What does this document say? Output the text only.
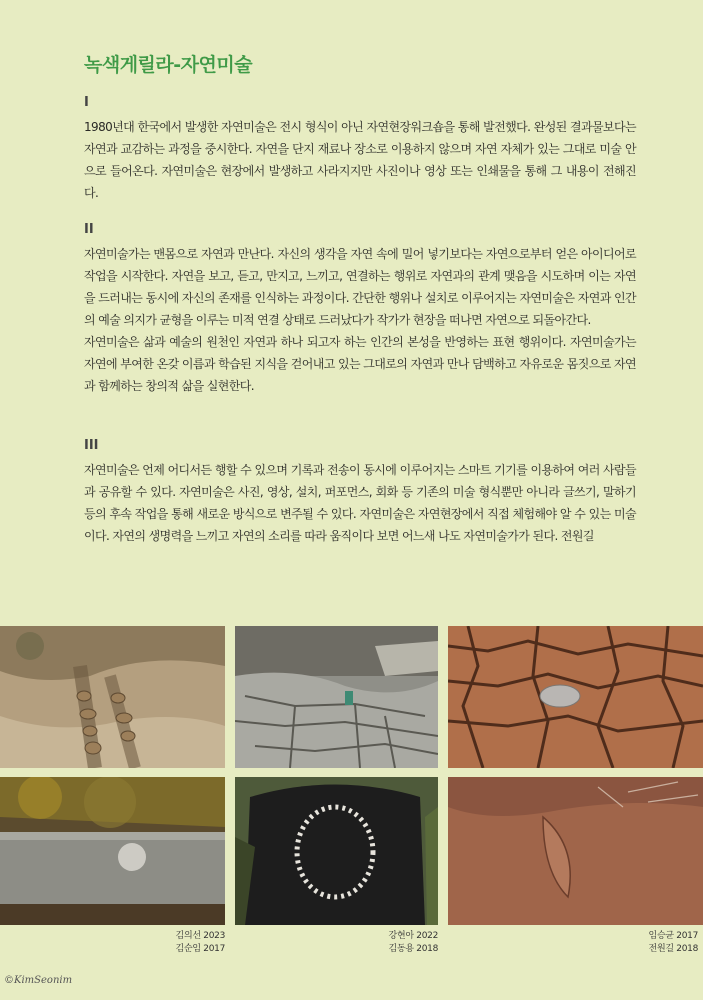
녹색게릴라-자연미술
I

1980년대 한국에서 발생한 자연미술은 전시 형식이 아닌 자연현장워크숍을 통해 발전했다. 완성된 결과물보다는 자연과 교감하는 과정을 중시한다. 자연을 단지 재료나 장소로 이용하지 않으며 자연 자체가 있는 그대로 미술 안으로 들어온다. 자연미술은 현장에서 발생하고 사라지지만 사진이나 영상 또는 인쇄물을 통해 그 내용이 전해진다.

II

자연미술가는 맨몸으로 자연과 만난다. 자신의 생각을 자연 속에 밀어 넣기보다는 자연으로부터 얻은 아이디어로 작업을 시작한다. 자연을 보고, 듣고, 만지고, 느끼고, 연결하는 행위로 자연과의 관계 맺음을 시도하며 이는 자연을 드러내는 동시에 자신의 존재를 인식하는 과정이다. 간단한 행위나 설치로 이루어지는 자연미술은 자연과 인간의 예술 의지가 균형을 이루는 미적 연결 상태로 드러났다가 작가가 현장을 떠나면 자연으로 되돌아간다.

자연미술은 삶과 예술의 원천인 자연과 하나 되고자 하는 인간의 본성을 반영하는 표현 행위이다. 자연미술가는 자연에 부여한 온갖 이름과 학습된 지식을 걷어내고 있는 그대로의 자연과 만나 담백하고 자유로운 몸짓으로 자연과 함께하는 창의적 삶을 실현한다.

III

자연미술은 언제 어디서든 행할 수 있으며 기록과 전송이 동시에 이루어지는 스마트 기기를 이용하여 여러 사람들과 공유할 수 있다. 자연미술은 사진, 영상, 설치, 퍼포먼스, 회화 등 기존의 미술 형식뿐만 아니라 글쓰기, 말하기 등의 후속 작업을 통해 새로운 방식으로 변주될 수 있다. 자연미술은 자연현장에서 직접 체험해야 알 수 있는 미술이다. 자연의 생명력을 느끼고 자연의 소리를 따라 움직이다 보면 어느새 나도 자연미술가가 된다. 전원길

김의선 2023
김순임 2017
강현아 2022
김동용 2018
임승균 2017
전원길 2018
©KimSeonim
